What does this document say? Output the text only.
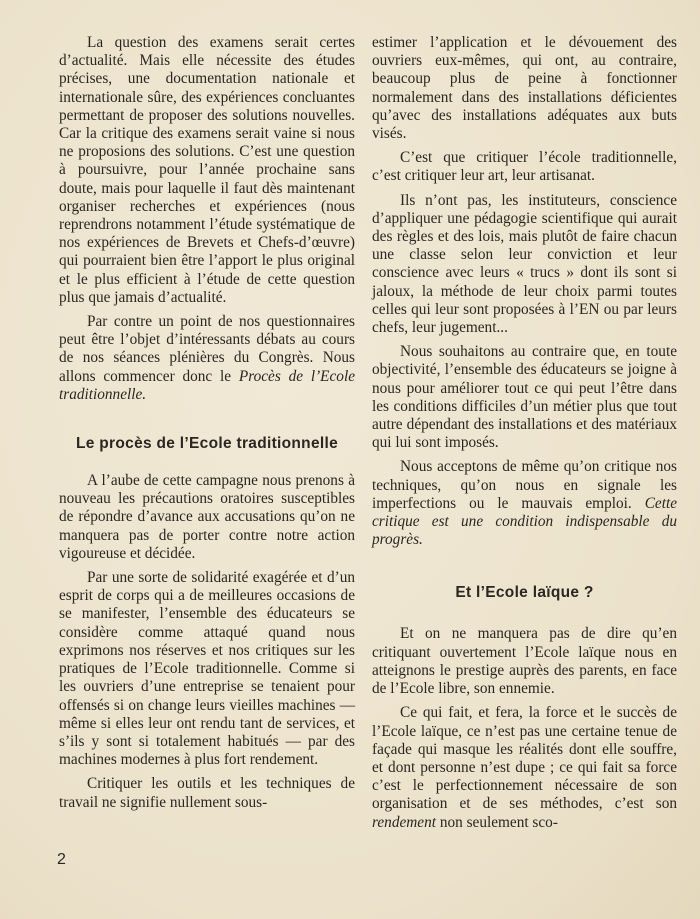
La question des examens serait certes d’actualité. Mais elle nécessite des études précises, une documentation nationale et internationale sûre, des expériences concluantes permettant de proposer des solutions nouvelles. Car la critique des examens serait vaine si nous ne proposions des solutions. C’est une question à poursuivre, pour l’année prochaine sans doute, mais pour laquelle il faut dès maintenant organiser recherches et expériences (nous reprendrons notamment l’étude systématique de nos expériences de Brevets et Chefs-d’œuvre) qui pourraient bien être l’apport le plus original et le plus efficient à l’étude de cette question plus que jamais d’actualité.

Par contre un point de nos questionnaires peut être l’objet d’intéressants débats au cours de nos séances plénières du Congrès. Nous allons commencer donc le Procès de l’Ecole traditionnelle.

Le procès de l’Ecole traditionnelle

A l’aube de cette campagne nous prenons à nouveau les précautions oratoires susceptibles de répondre d’avance aux accusations qu’on ne manquera pas de porter contre notre action vigoureuse et décidée.

Par une sorte de solidarité exagérée et d’un esprit de corps qui a de meilleures occasions de se manifester, l’ensemble des éducateurs se considère comme attaqué quand nous exprimons nos réserves et nos critiques sur les pratiques de l’Ecole traditionnelle. Comme si les ouvriers d’une entreprise se tenaient pour offensés si on change leurs vieilles machines — même si elles leur ont rendu tant de services, et s’ils y sont si totalement habitués — par des machines modernes à plus fort rendement.

Critiquer les outils et les techniques de travail ne signifie nullement sous-

estimer l’application et le dévouement des ouvriers eux-mêmes, qui ont, au contraire, beaucoup plus de peine à fonctionner normalement dans des installations déficientes qu’avec des installations adéquates aux buts visés.

C’est que critiquer l’école traditionnelle, c’est critiquer leur art, leur artisanat.

Ils n’ont pas, les instituteurs, conscience d’appliquer une pédagogie scientifique qui aurait des règles et des lois, mais plutôt de faire chacun une classe selon leur conviction et leur conscience avec leurs « trucs » dont ils sont si jaloux, la méthode de leur choix parmi toutes celles qui leur sont proposées à l’EN ou par leurs chefs, leur jugement...

Nous souhaitons au contraire que, en toute objectivité, l’ensemble des éducateurs se joigne à nous pour améliorer tout ce qui peut l’être dans les conditions difficiles d’un métier plus que tout autre dépendant des installations et des matériaux qui lui sont imposés.

Nous acceptons de même qu’on critique nos techniques, qu’on nous en signale les imperfections ou le mauvais emploi. Cette critique est une condition indispensable du progrès.

Et l’Ecole laïque ?

Et on ne manquera pas de dire qu’en critiquant ouvertement l’Ecole laïque nous en atteignons le prestige auprès des parents, en face de l’Ecole libre, son ennemie.

Ce qui fait, et fera, la force et le succès de l’Ecole laïque, ce n’est pas une certaine tenue de façade qui masque les réalités dont elle souffre, et dont personne n’est dupe ; ce qui fait sa force c’est le perfectionnement nécessaire de son organisation et de ses méthodes, c’est son rendement non seulement sco-

2
